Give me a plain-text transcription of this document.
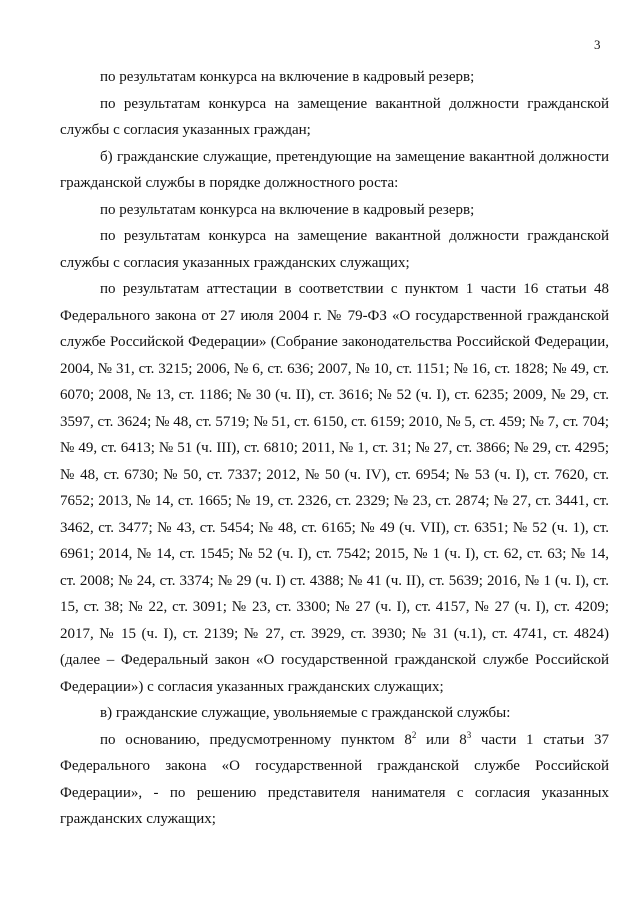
3

по результатам конкурса на включение в кадровый резерв;

по результатам конкурса на замещение вакантной должности гражданской службы с согласия указанных граждан;

б) гражданские служащие, претендующие на замещение вакантной должности гражданской службы в порядке должностного роста:

по результатам конкурса на включение в кадровый резерв;

по результатам конкурса на замещение вакантной должности гражданской службы с согласия указанных гражданских служащих;

по результатам аттестации в соответствии с пунктом 1 части 16 статьи 48 Федерального закона от 27 июля 2004 г. № 79-ФЗ «О государственной гражданской службе Российской Федерации» (Собрание законодательства Российской Федерации, 2004, № 31, ст. 3215; 2006, № 6, ст. 636; 2007, № 10, ст. 1151; № 16, ст. 1828; № 49, ст. 6070; 2008, № 13, ст. 1186; № 30 (ч. II), ст. 3616; № 52 (ч. I), ст. 6235; 2009, № 29, ст. 3597, ст. 3624; № 48, ст. 5719; № 51, ст. 6150, ст. 6159; 2010, № 5, ст. 459; № 7, ст. 704; № 49, ст. 6413; № 51 (ч. III), ст. 6810; 2011, № 1, ст. 31; № 27, ст. 3866; № 29, ст. 4295; № 48, ст. 6730; № 50, ст. 7337; 2012, № 50 (ч. IV), ст. 6954; № 53 (ч. I), ст. 7620, ст. 7652; 2013, № 14, ст. 1665; № 19, ст. 2326, ст. 2329; № 23, ст. 2874; № 27, ст. 3441, ст. 3462, ст. 3477; № 43, ст. 5454; № 48, ст. 6165; № 49 (ч. VII), ст. 6351; № 52 (ч. 1), ст. 6961; 2014, № 14, ст. 1545; № 52 (ч. I), ст. 7542; 2015, № 1 (ч. I), ст. 62, ст. 63; № 14, ст. 2008; № 24, ст. 3374; № 29 (ч. I) ст. 4388; № 41 (ч. II), ст. 5639; 2016, № 1 (ч. I), ст. 15, ст. 38; № 22, ст. 3091; № 23, ст. 3300; № 27 (ч. I), ст. 4157, № 27 (ч. I), ст. 4209; 2017, № 15 (ч. I), ст. 2139; № 27, ст. 3929, ст. 3930; № 31 (ч.1), ст. 4741, ст. 4824) (далее – Федеральный закон «О государственной гражданской службе Российской Федерации») с согласия указанных гражданских служащих;

в) гражданские служащие, увольняемые с гражданской службы:

по основанию, предусмотренному пунктом $8^2$ или $8^3$ части 1 статьи 37 Федерального закона «О государственной гражданской службе Российской Федерации», - по решению представителя нанимателя с согласия указанных гражданских служащих;
